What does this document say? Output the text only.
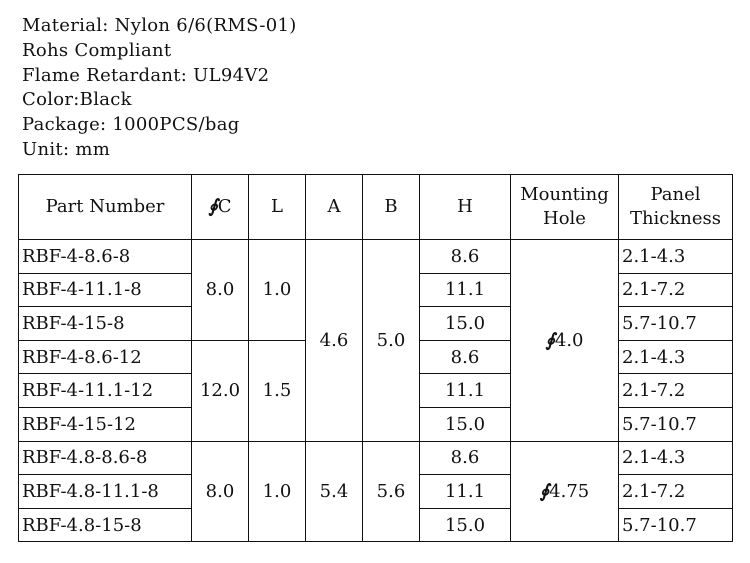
Material: Nylon 6/6(RMS-01)
Rohs Compliant
Flame Retardant: UL94V2
Color:Black
Package: 1000PCS/bag
Unit: mm
Part Number	∮C	L	A	B	H	Mounting Hole	Panel Thickness
RBF-4-8.6-8	8.0	1.0	4.6	5.0	8.6	∮4.0	2.1-4.3
RBF-4-11.1-8					11.1		2.1-7.2
RBF-4-15-8					15.0		5.7-10.7
RBF-4-8.6-12	12.0	1.5			8.6		2.1-4.3
RBF-4-11.1-12					11.1		2.1-7.2
RBF-4-15-12					15.0		5.7-10.7
RBF-4.8-8.6-8	8.0	1.0	5.4	5.6	8.6	∮4.75	2.1-4.3
RBF-4.8-11.1-8					11.1		2.1-7.2
RBF-4.8-15-8					15.0		5.7-10.7
